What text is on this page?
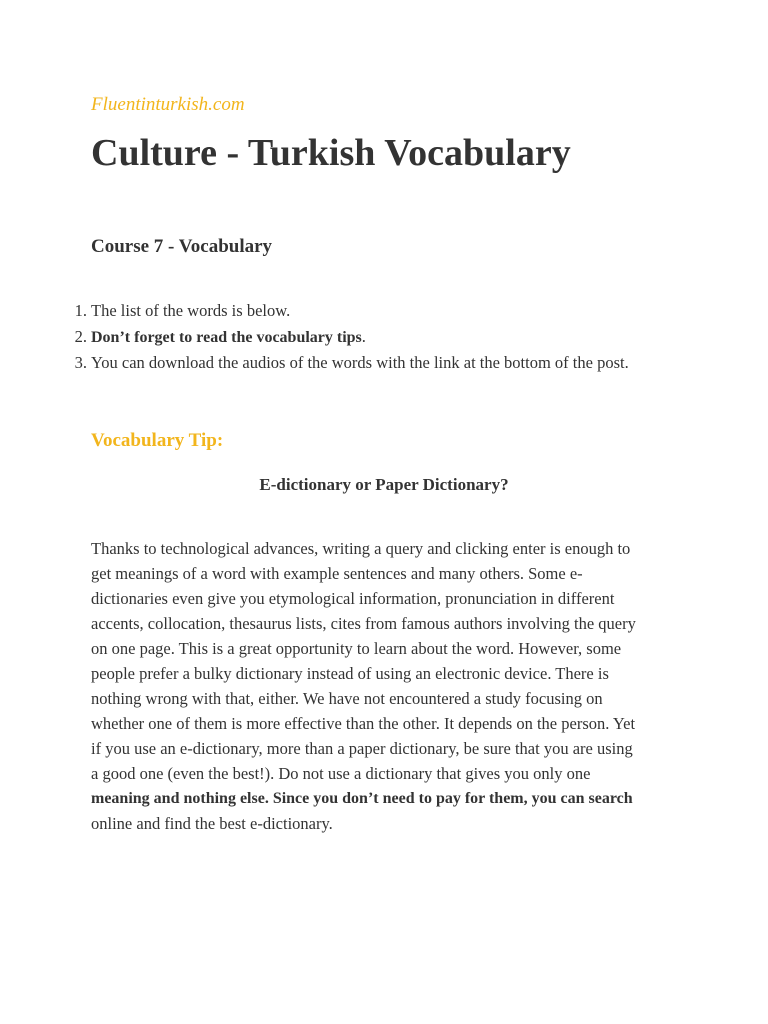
Fluentinturkish.com
Culture - Turkish Vocabulary
Course 7 - Vocabulary
1. The list of the words is below.
2. Don’t forget to read the vocabulary tips.
3. You can download the audios of the words with the link at the bottom of the post.
Vocabulary Tip:
E-dictionary or Paper Dictionary?

Thanks to technological advances, writing a query and clicking enter is enough to
get meanings of a word with example sentences and many others. Some e-
dictionaries even give you etymological information, pronunciation in different
accents, collocation, thesaurus lists, cites from famous authors involving the query
on one page. This is a great opportunity to learn about the word. However, some
people prefer a bulky dictionary instead of using an electronic device. There is
nothing wrong with that, either. We have not encountered a study focusing on
whether one of them is more effective than the other. It depends on the person. Yet
if you use an e-dictionary, more than a paper dictionary, be sure that you are using
a good one (even the best!). Do not use a dictionary that gives you only one
meaning and nothing else. Since you don’t need to pay for them, you can search
online and find the best e-dictionary.
